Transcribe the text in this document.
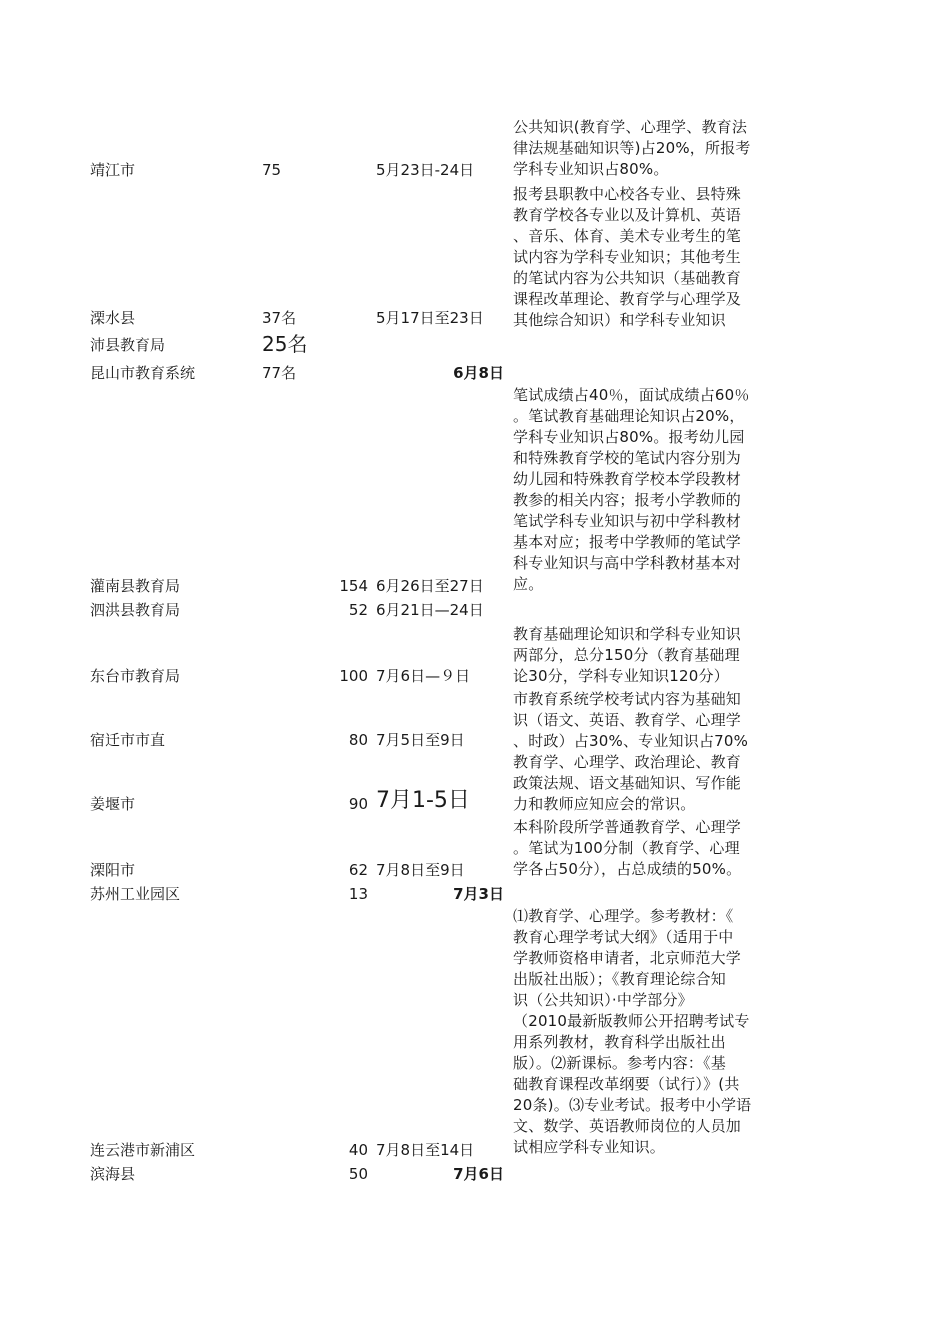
公共知识(教育学、心理学、教育法
律法规基础知识等)占20%，所报考
学科专业知识占80%。
靖江市	75	5月23日-24日
报考县职教中心校各专业、县特殊
教育学校各专业以及计算机、英语
、音乐、体育、美术专业考生的笔
试内容为学科专业知识；其他考生
的笔试内容为公共知识（基础教育
课程改革理论、教育学与心理学及
其他综合知识）和学科专业知识
溧水县	37名	5月17日至23日
沛县教育局	25名
昆山市教育系统	77名	6月8日
笔试成绩占40％，面试成绩占60％
。笔试教育基础理论知识占20%，
学科专业知识占80%。报考幼儿园
和特殊教育学校的笔试内容分别为
幼儿园和特殊教育学校本学段教材
教参的相关内容；报考小学教师的
笔试学科专业知识与初中学科教材
基本对应；报考中学教师的笔试学
科专业知识与高中学科教材基本对
应。
灌南县教育局	154 6月26日至27日
泗洪县教育局	52 6月21日—24日
教育基础理论知识和学科专业知识
两部分，总分150分（教育基础理
论30分，学科专业知识120分）
东台市教育局	100 7月6日—９日
市教育系统学校考试内容为基础知
识（语文、英语、教育学、心理学
、时政）占30%、专业知识占70%
宿迁市市直	80 7月5日至9日
教育学、心理学、政治理论、教育
政策法规、语文基础知识、写作能
力和教师应知应会的常识。
姜堰市	90 7月1-5日
本科阶段所学普通教育学、心理学
。笔试为100分制（教育学、心理
学各占50分），占总成绩的50%。
溧阳市	62 7月8日至9日
苏州工业园区	13	7月3日
⑴教育学、心理学。参考教材：《
教育心理学考试大纲》（适用于中
学教师资格申请者，北京师范大学
出版社出版）；《教育理论综合知
识（公共知识）·中学部分》
（2010最新版教师公开招聘考试专
用系列教材，教育科学出版社出
版）。⑵新课标。参考内容：《基
础教育课程改革纲要（试行）》(共
20条)。⑶专业考试。报考中小学语
文、数学、英语教师岗位的人员加
试相应学科专业知识。
连云港市新浦区	40 7月8日至14日
滨海县	50	7月6日
